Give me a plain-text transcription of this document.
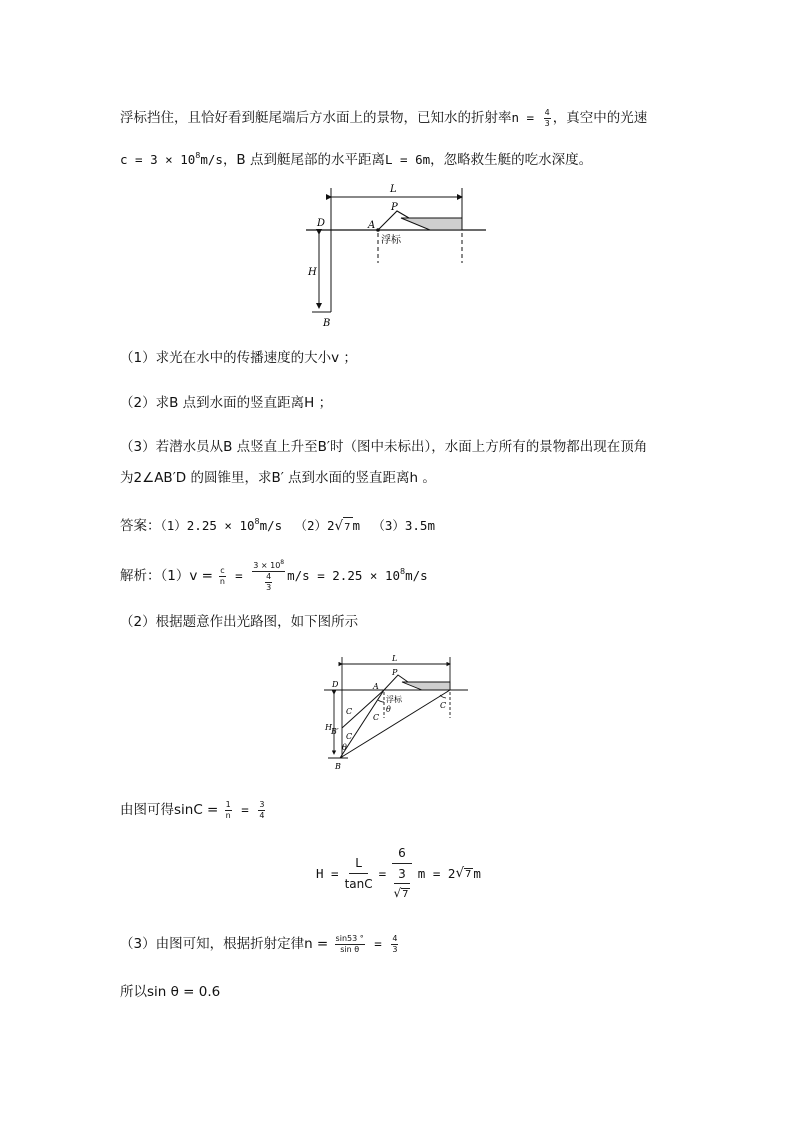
浮标挡住，且恰好看到艇尾端后方水面上的景物，已知水的折射率$n = \frac{4}{3}$ ，真空中的光速
$c = 3 \times 10^8m/s$，B 点到艇尾部的水平距离L = 6m，忽略救生艇的吃水深度。
L
P
D	A
浮标
H
B
（1）求光在水中的传播速度的大小v ；
（2）求B 点到水面的竖直距离H ；
（3）若潜水员从B 点竖直上升至B′时（图中未标出），水面上方所有的景物都出现在顶角
为2∠AB′D 的圆锥里，求B′ 点到水面的竖直距离h 。
答案：$(1)2.25 \times 10^8m/s$ （2）2√7 m （3）3.5m
解析：$(1)v = \frac{c}{n} = \frac{3 \times 10^8}{\frac{4}{3}} m/s = 2.25 \times 10^8m/s$
（2）根据题意作出光路图，如下图所示
L
P
D	A
浮标
θ
C
C
C
C
H B′
θ
B
由图可得$\sin C = \frac{1}{n} = \frac{3}{4}$
$H = \frac{L}{\tan C} = 6$
3
√7 m = 2 √7 m
（3）由图可知，根据折射定律$n = \frac{\sin 53 ^\circ}{\text{sin θ}} = \frac{4}{3}$
所以sin θ = 0.6
